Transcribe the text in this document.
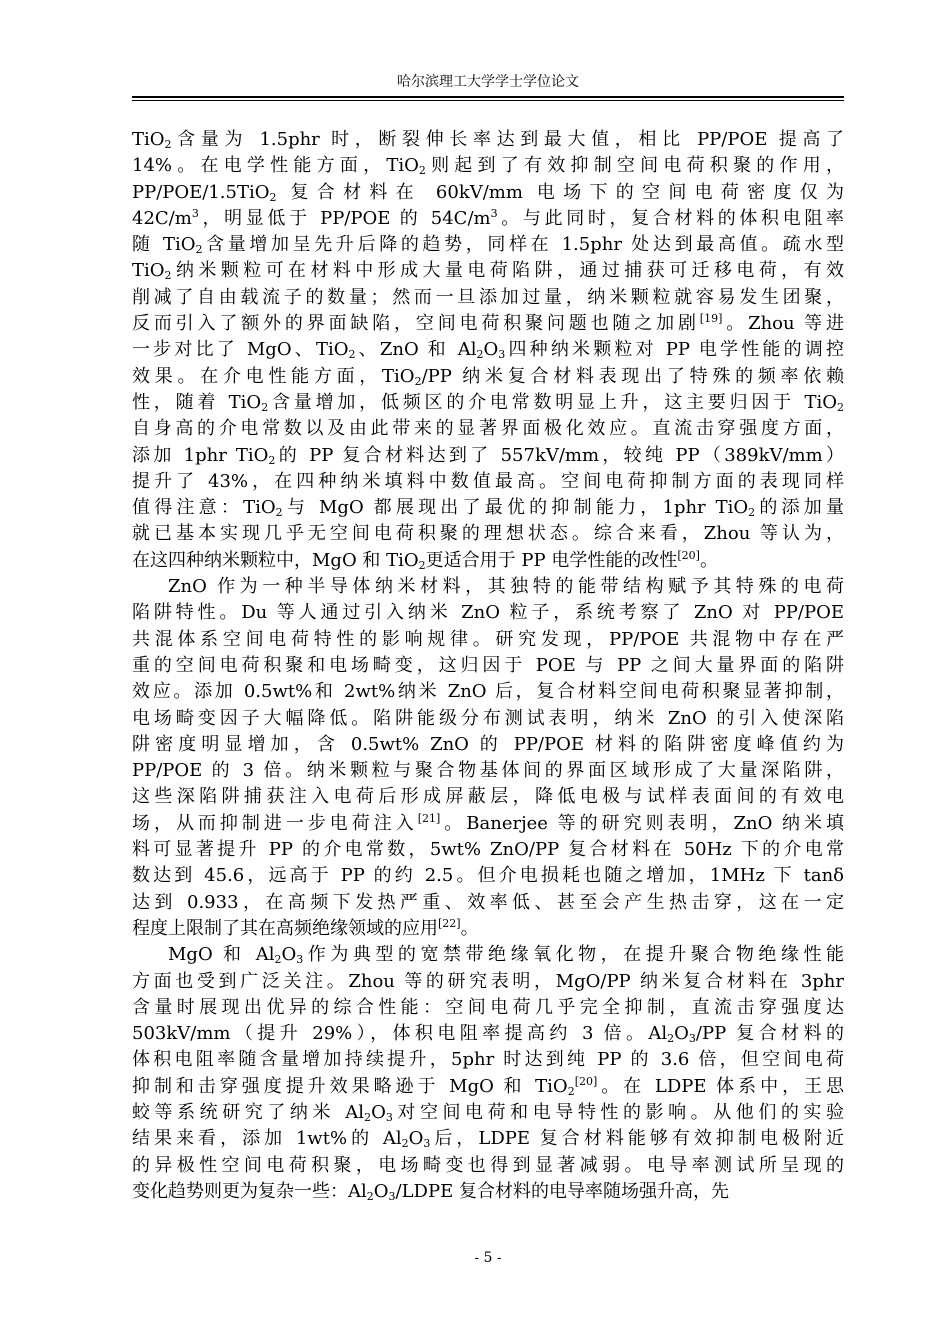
哈尔滨理工大学学士学位论文
TiO$_2$含量为 1.5phr 时，断裂伸长率达到最大值，相比 PP/POE 提高了
14%。在电学性能方面，TiO$_2$则起到了有效抑制空间电荷积聚的作用，
PP/POE/1.5TiO$_2$ 复合材料在 60kV/mm 电场下的空间电荷密度仅为
$42C/m^3$，明显低于 PP/POE 的 $54C/m^3$。与此同时，复合材料的体积电阻率
随 TiO$_2$含量增加呈先升后降的趋势，同样在 1.5phr 处达到最高值。疏水型
TiO$_2$纳米颗粒可在材料中形成大量电荷陷阱，通过捕获可迁移电荷，有效
削减了自由载流子的数量；然而一旦添加过量，纳米颗粒就容易发生团聚，
反而引入了额外的界面缺陷，空间电荷积聚问题也随之加剧[19]。Zhou 等进
一步对比了 MgO、TiO$_2$、ZnO 和 $Al_2O_3$四种纳米颗粒对 PP 电学性能的调控
效果。在介电性能方面，TiO$_2$/PP 纳米复合材料表现出了特殊的频率依赖
性，随着 TiO$_2$含量增加，低频区的介电常数明显上升，这主要归因于 TiO$_2$
自身高的介电常数以及由此带来的显著界面极化效应。直流击穿强度方面，
添加 1phr TiO$_2$的 PP 复合材料达到了 557kV/mm，较纯 PP（389kV/mm）
提升了 43%，在四种纳米填料中数值最高。空间电荷抑制方面的表现同样
值得注意：TiO$_2$与 MgO 都展现出了最优的抑制能力，1phr TiO$_2$的添加量
就已基本实现几乎无空间电荷积聚的理想状态。综合来看，Zhou 等认为，
在这四种纳米颗粒中，MgO 和 TiO$_2$更适合用于 PP 电学性能的改性[20]。
ZnO 作为一种半导体纳米材料，其独特的能带结构赋予其特殊的电荷
陷阱特性。Du 等人通过引入纳米 ZnO 粒子，系统考察了 ZnO 对 PP/POE
共混体系空间电荷特性的影响规律。研究发现，PP/POE 共混物中存在严
重的空间电荷积聚和电场畸变，这归因于 POE 与 PP 之间大量界面的陷阱
效应。添加 0.5wt%和 2wt%纳米 ZnO 后，复合材料空间电荷积聚显著抑制，
电场畸变因子大幅降低。陷阱能级分布测试表明，纳米 ZnO 的引入使深陷
阱密度明显增加，含 0.5wt% ZnO 的 PP/POE 材料的陷阱密度峰值约为
PP/POE 的 3 倍。纳米颗粒与聚合物基体间的界面区域形成了大量深陷阱，
这些深陷阱捕获注入电荷后形成屏蔽层，降低电极与试样表面间的有效电
场，从而抑制进一步电荷注入[21]。Banerjee 等的研究则表明，ZnO 纳米填
料可显著提升 PP 的介电常数，5wt% ZnO/PP 复合材料在 50Hz 下的介电常
数达到 45.6，远高于 PP 的约 2.5。但介电损耗也随之增加，1MHz 下 tanδ
达到 0.933，在高频下发热严重、效率低、甚至会产生热击穿，这在一定
程度上限制了其在高频绝缘领域的应用[22]。
MgO 和 $Al_2O_3$作为典型的宽禁带绝缘氧化物，在提升聚合物绝缘性能
方面也受到广泛关注。Zhou 等的研究表明，MgO/PP 纳米复合材料在 3phr
含量时展现出优异的综合性能：空间电荷几乎完全抑制，直流击穿强度达
503kV/mm（提升 29%），体积电阻率提高约 3 倍。$Al_2O_3/PP$ 复合材料的
体积电阻率随含量增加持续提升，5phr 时达到纯 PP 的 3.6 倍，但空间电荷
抑制和击穿强度提升效果略逊于 MgO 和 TiO$_2$[20]。在 LDPE 体系中，王思
蛟等系统研究了纳米 $Al_2O_3$对空间电荷和电导特性的影响。从他们的实验
结果来看，添加 1wt%的 $Al_2O_3$后，LDPE 复合材料能够有效抑制电极附近
的异极性空间电荷积聚，电场畸变也得到显著减弱。电导率测试所呈现的
变化趋势则更为复杂一些：$Al_2O_3$/LDPE 复合材料的电导率随场强升高，先
- 5 -
